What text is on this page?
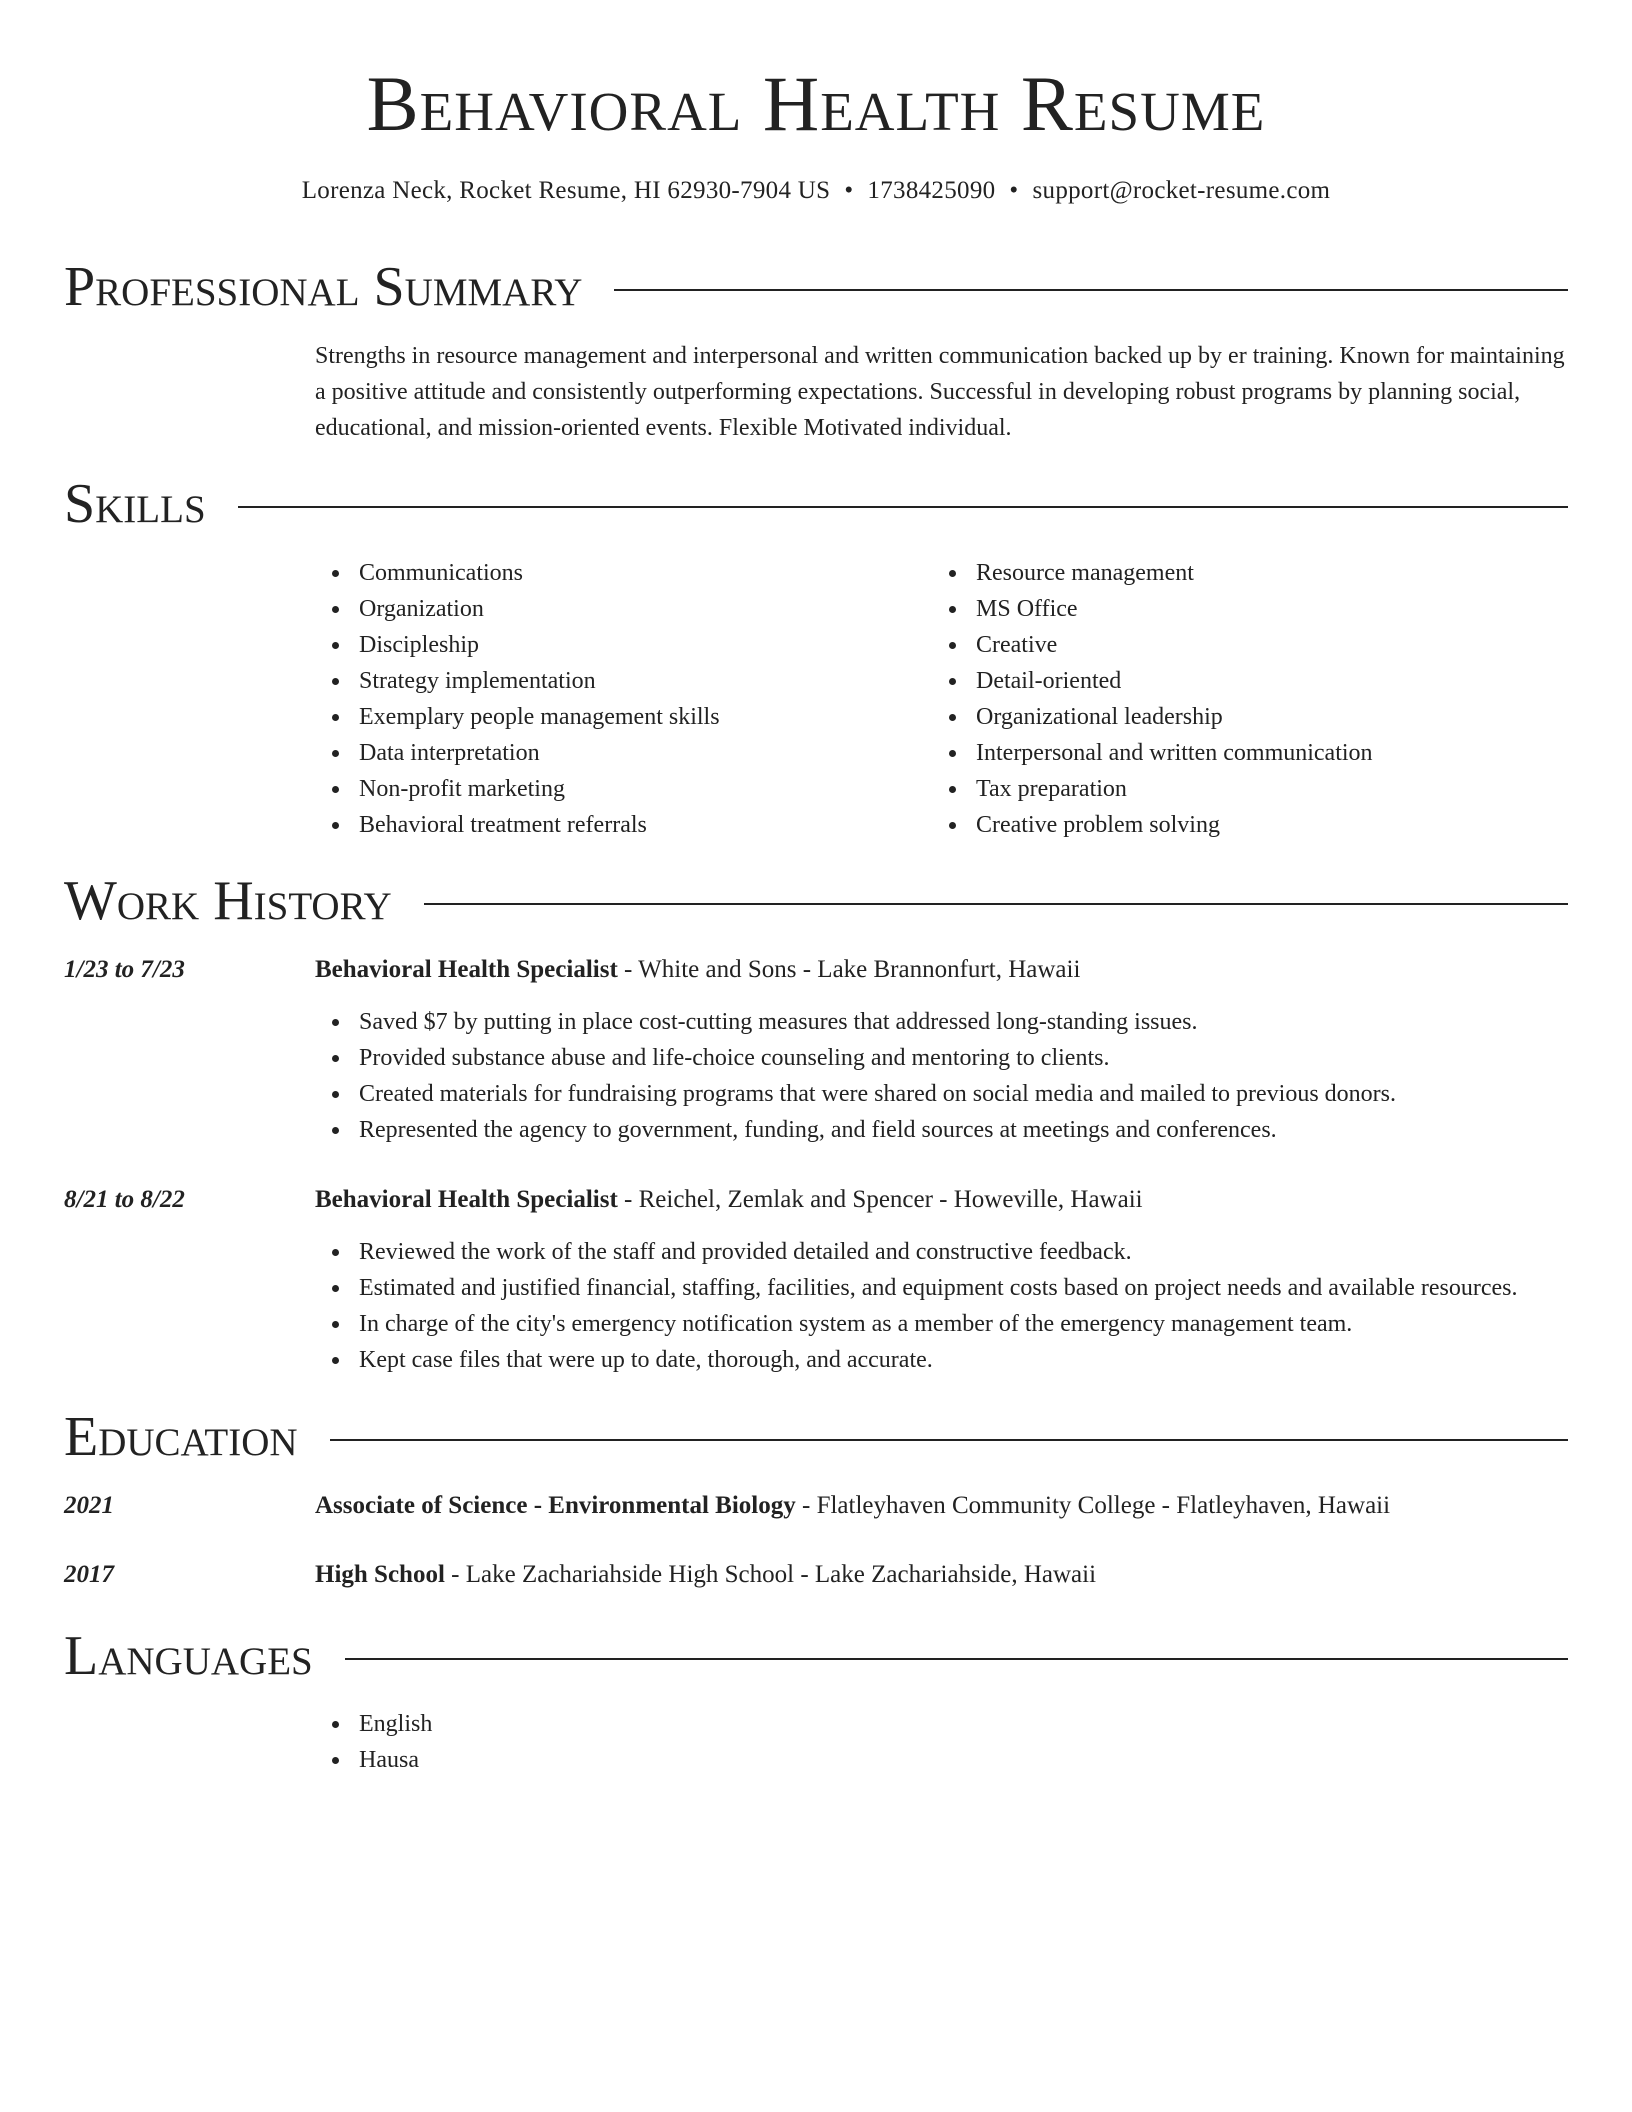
Behavioral Health Resume
Lorenza Neck, Rocket Resume, HI 62930-7904 US • 1738425090 • support@rocket-resume.com
Professional Summary

Strengths in resource management and interpersonal and written communication backed up by er training. Known for maintaining a positive attitude and consistently outperforming expectations. Successful in developing robust programs by planning social, educational, and mission-oriented events. Flexible Motivated individual.

Skills
Communications
Organization
Discipleship
Strategy implementation
Exemplary people management skills
Data interpretation
Non-profit marketing
Behavioral treatment referrals
Resource management
MS Office
Creative
Detail-oriented
Organizational leadership
Interpersonal and written communication
Tax preparation
Creative problem solving
Work History
1/23 to 7/23	Behavioral Health Specialist - White and Sons - Lake Brannonfurt, Hawaii
Saved $7 by putting in place cost-cutting measures that addressed long-standing issues.
Provided substance abuse and life-choice counseling and mentoring to clients.
Created materials for fundraising programs that were shared on social media and mailed to previous donors.
Represented the agency to government, funding, and field sources at meetings and conferences.
8/21 to 8/22	Behavioral Health Specialist - Reichel, Zemlak and Spencer - Howeville, Hawaii
Reviewed the work of the staff and provided detailed and constructive feedback.
Estimated and justified financial, staffing, facilities, and equipment costs based on project needs and available resources.
In charge of the city's emergency notification system as a member of the emergency management team.
Kept case files that were up to date, thorough, and accurate.
Education
2021	Associate of Science - Environmental Biology - Flatleyhaven Community College - Flatleyhaven, Hawaii
2017	High School - Lake Zachariahside High School - Lake Zachariahside, Hawaii
Languages
English
Hausa
